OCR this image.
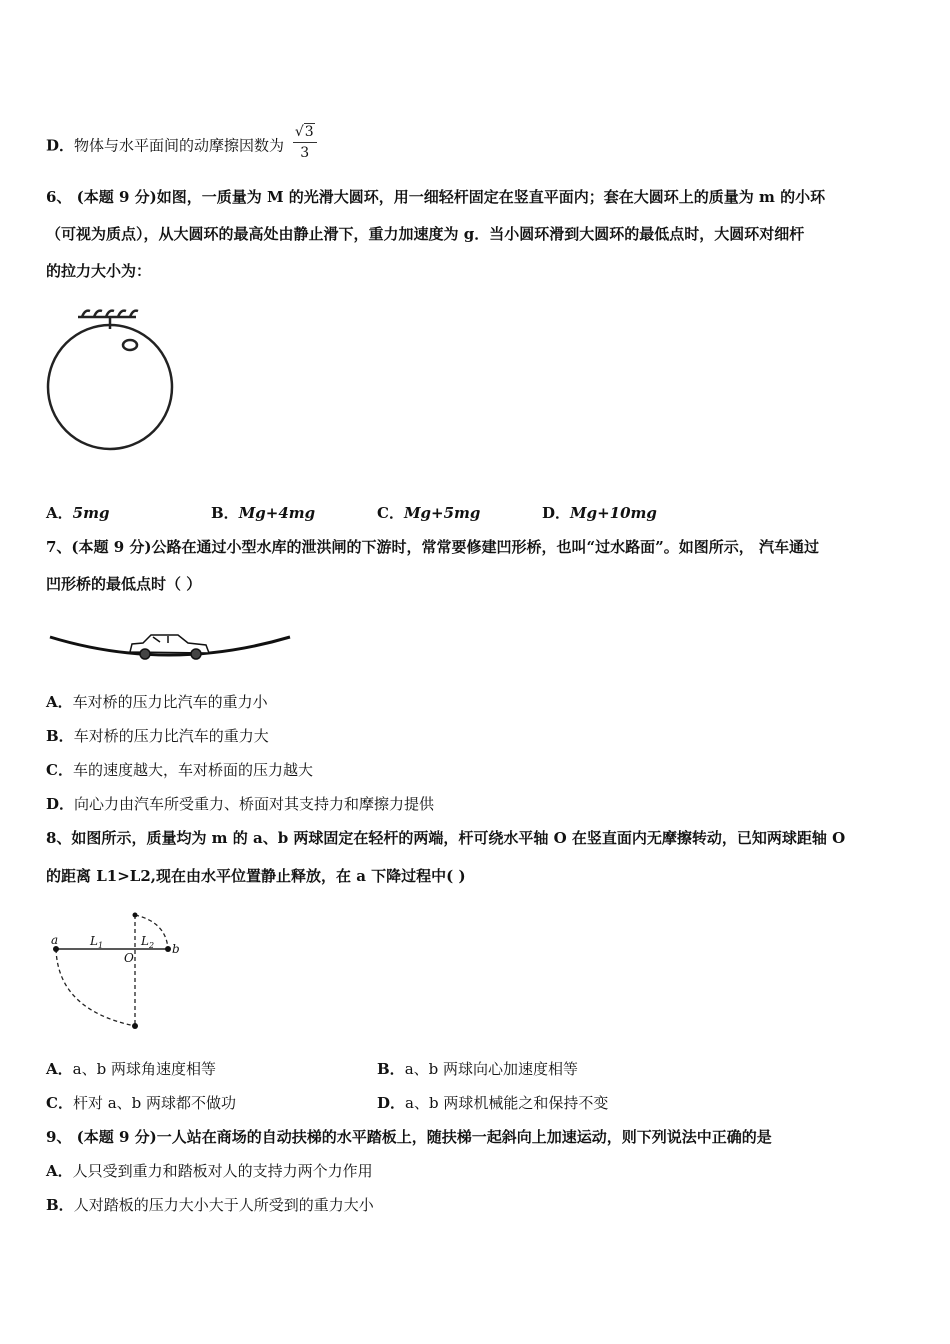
D．物体与水平面间的动摩擦因数为 $\frac{√3}{3}$
6、 (本题 9 分)如图，一质量为 M 的光滑大圆环，用一细轻杆固定在竖直平面内；套在大圆环上的质量为 m 的小环
（可视为质点），从大圆环的最高处由静止滑下，重力加速度为 g．当小圆环滑到大圆环的最低点时，大圆环对细杆
的拉力大小为：
A．5mg	B．Mg+4mg	C．Mg+5mg	D．Mg+10mg
7、(本题 9 分)公路在通过小型水库的泄洪闸的下游时，常常要修建凹形桥，也叫“过水路面”。如图所示， 汽车通过
凹形桥的最低点时（ ）
A．车对桥的压力比汽车的重力小
B．车对桥的压力比汽车的重力大
C．车的速度越大，车对桥面的压力越大
D．向心力由汽车所受重力、桥面对其支持力和摩擦力提供
8、如图所示，质量均为 m 的 a、b 两球固定在轻杆的两端，杆可绕水平轴 O 在竖直面内无摩擦转动，已知两球距轴 O
的距离 L1>L2,现在由水平位置静止释放，在 a 下降过程中( )
a
b
O
$L_1$	$L_2$
A．a、b 两球角速度相等	B．a、b 两球向心加速度相等
C．杆对 a、b 两球都不做功	D．a、b 两球机械能之和保持不变
9、 (本题 9 分)一人站在商场的自动扶梯的水平踏板上，随扶梯一起斜向上加速运动，则下列说法中正确的是
A．人只受到重力和踏板对人的支持力两个力作用
B．人对踏板的压力大小大于人所受到的重力大小
